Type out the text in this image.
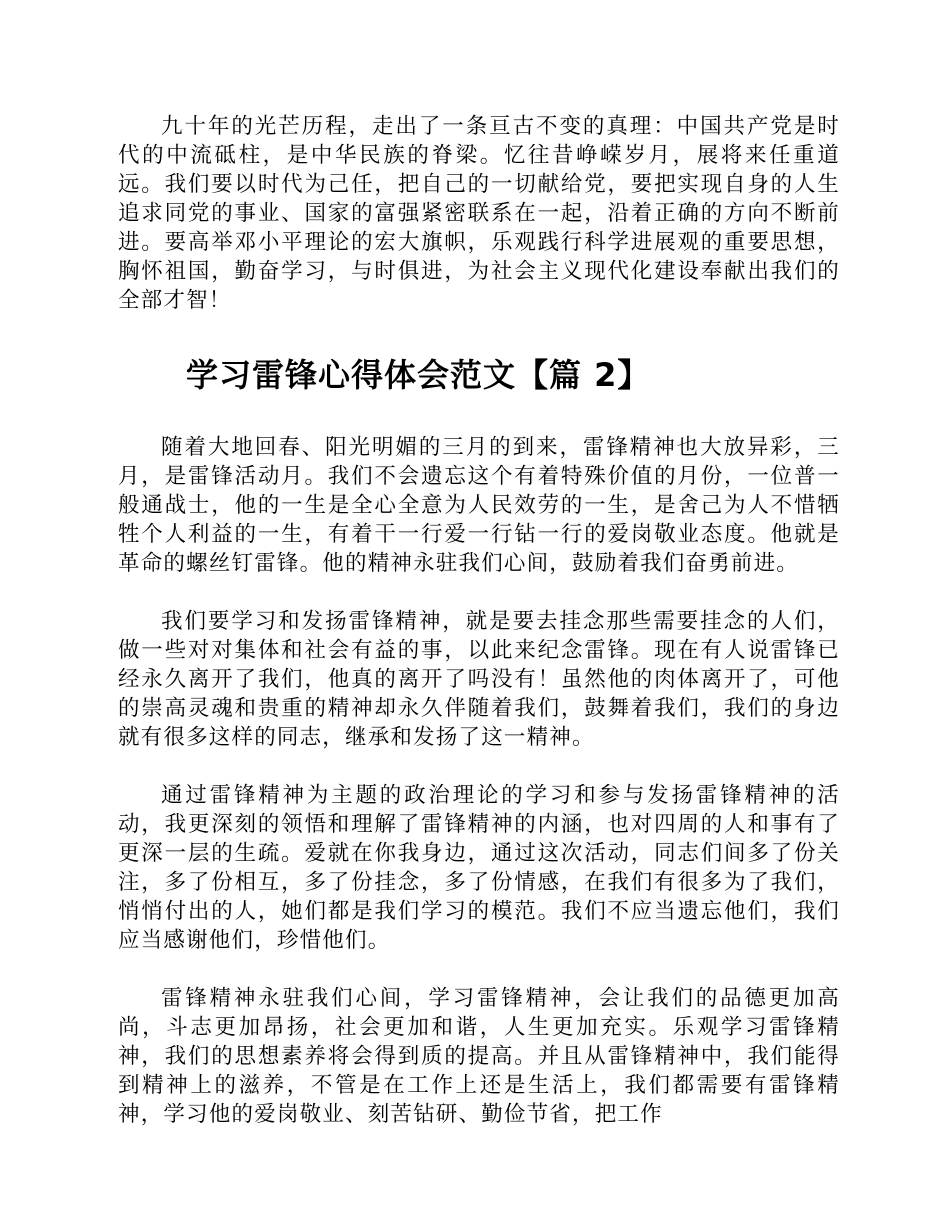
九十年的光芒历程，走出了一条亘古不变的真理：中国共产党是时代的中流砥柱，是中华民族的脊梁。忆往昔峥嵘岁月，展将来任重道远。我们要以时代为己任，把自己的一切献给党，要把实现自身的人生追求同党的事业、国家的富强紧密联系在一起，沿着正确的方向不断前进。要高举邓小平理论的宏大旗帜，乐观践行科学进展观的重要思想，胸怀祖国，勤奋学习，与时俱进，为社会主义现代化建设奉献出我们的全部才智！

学习雷锋心得体会范文【篇 2】

随着大地回春、阳光明媚的三月的到来，雷锋精神也大放异彩，三月，是雷锋活动月。我们不会遗忘这个有着特殊价值的月份，一位普一般通战士，他的一生是全心全意为人民效劳的一生，是舍己为人不惜牺牲个人利益的一生，有着干一行爱一行钻一行的爱岗敬业态度。他就是革命的螺丝钉雷锋。他的精神永驻我们心间，鼓励着我们奋勇前进。

我们要学习和发扬雷锋精神，就是要去挂念那些需要挂念的人们，做一些对对集体和社会有益的事，以此来纪念雷锋。现在有人说雷锋已经永久离开了我们，他真的离开了吗没有！虽然他的肉体离开了，可他的崇高灵魂和贵重的精神却永久伴随着我们，鼓舞着我们，我们的身边就有很多这样的同志，继承和发扬了这一精神。

通过雷锋精神为主题的政治理论的学习和参与发扬雷锋精神的活动，我更深刻的领悟和理解了雷锋精神的内涵，也对四周的人和事有了更深一层的生疏。爱就在你我身边，通过这次活动，同志们间多了份关注，多了份相互，多了份挂念，多了份情感，在我们有很多为了我们，悄悄付出的人，她们都是我们学习的模范。我们不应当遗忘他们，我们应当感谢他们，珍惜他们。

雷锋精神永驻我们心间，学习雷锋精神，会让我们的品德更加高尚，斗志更加昂扬，社会更加和谐，人生更加充实。乐观学习雷锋精神，我们的思想素养将会得到质的提高。并且从雷锋精神中，我们能得到精神上的滋养，不管是在工作上还是生活上，我们都需要有雷锋精神，学习他的爱岗敬业、刻苦钻研、勤俭节省，把工作
